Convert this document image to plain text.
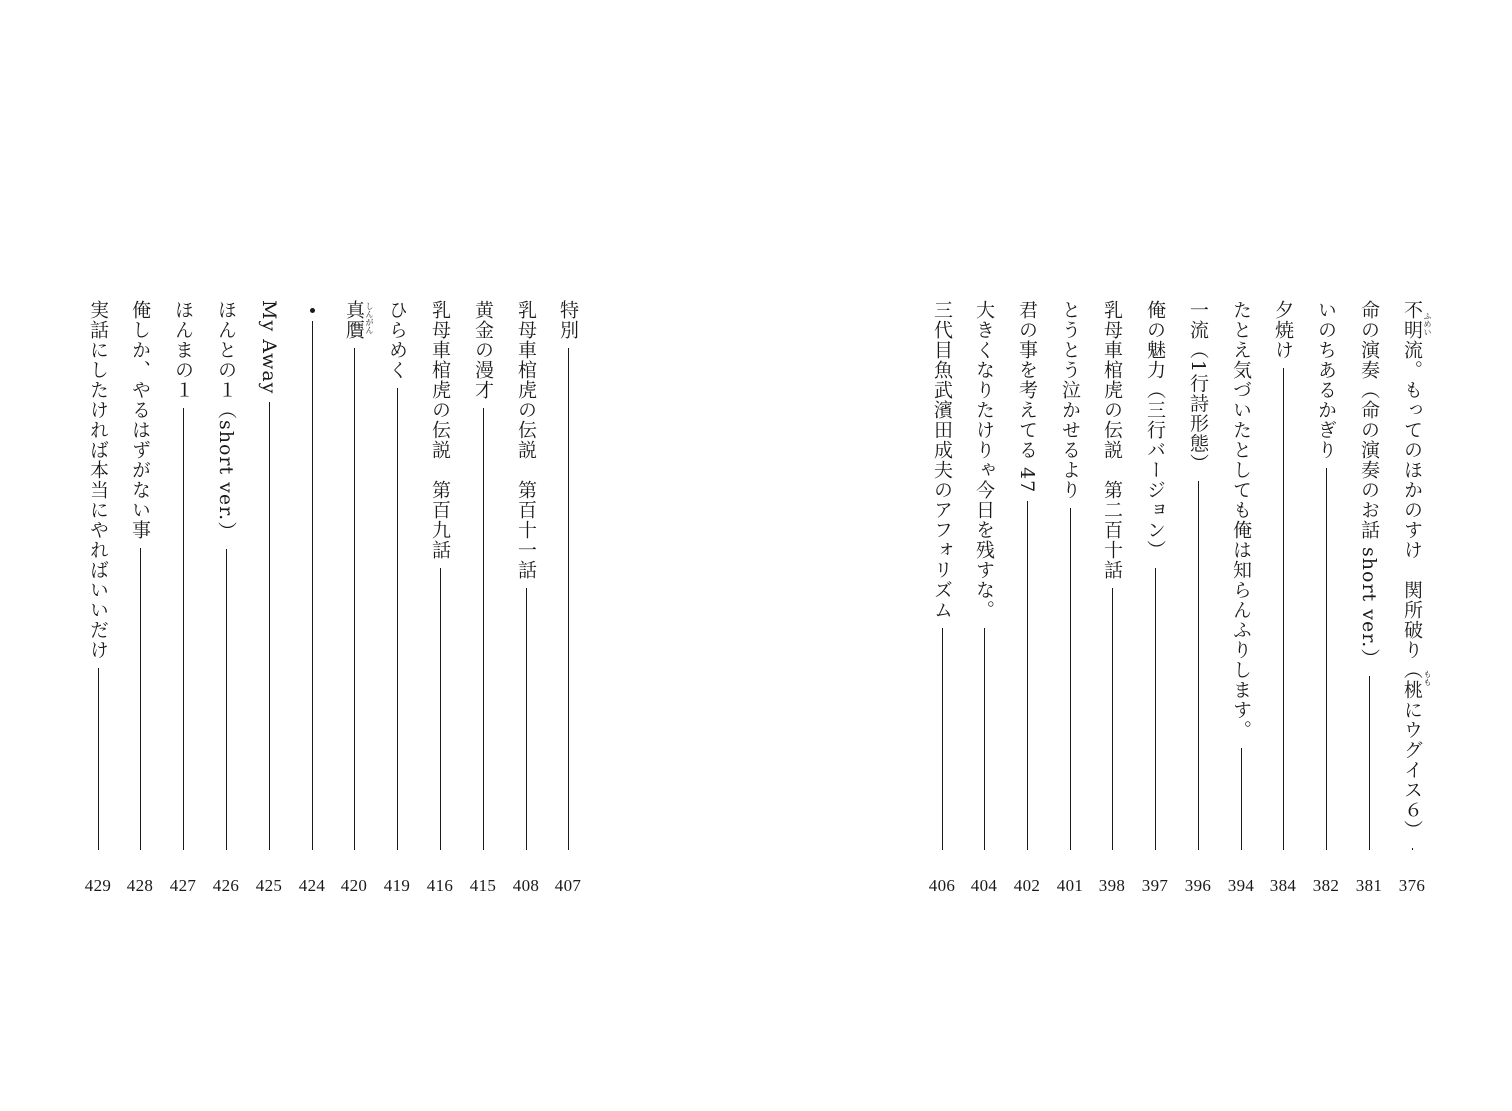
不明流。もってのほかのすけ　関所破り（桃にウグイス６） ふめい
もも
376
命の演奏（命の演奏のお話 short ver.）
381
いのちあるかぎり
382
夕焼け
384
たとえ気づいたとしても俺は知らんふりします。
394
一流（1行詩形態）
396
俺の魅力（三行バージョン）
397
乳母車棺虎の伝説　第二百十話
398
とうとう泣かせるより
401
君の事を考えてる 47
402
大きくなりたけりゃ今日を残すな。
404
三代目魚武濱田成夫のアフォリズム
406
特別
407
乳母車棺虎の伝説　第百十一話
408
黄金の漫才
415
乳母車棺虎の伝説　第百九話
416
ひらめく
419
真贋 しんがん
420
424
My Away
425
ほんとの１（short ver.）
426
ほんまの１
427
俺しか、やるはずがない事
428
実話にしたければ本当にやればいいだけ
429
